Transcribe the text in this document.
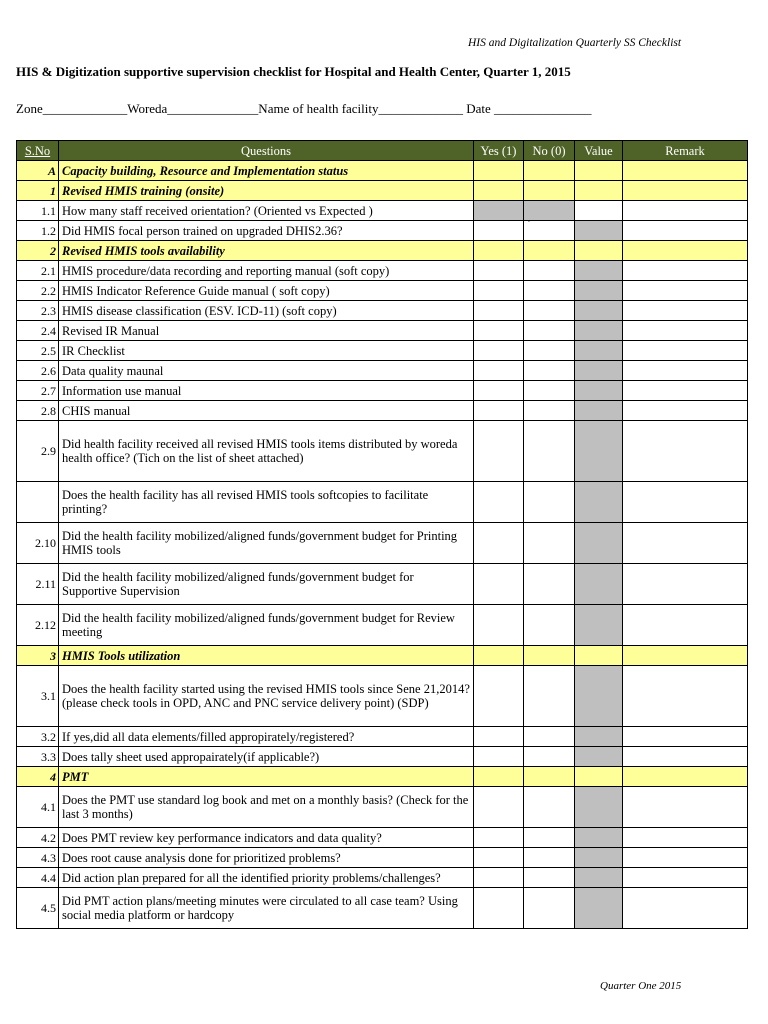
HIS and Digitalization Quarterly SS Checklist
HIS & Digitization supportive supervision checklist for Hospital and Health Center, Quarter 1, 2015
Zone_____________Woreda______________Name of health facility_____________ Date _______________
S.No	Questions	Yes (1)	No (0)	Value	Remark
A	Capacity building, Resource and Implementation status				
1	Revised HMIS training (onsite)				
1.1	How many staff received orientation? (Oriented vs Expected )				
1.2	Did HMIS focal person trained on upgraded DHIS2.36?		`		
2	Revised HMIS tools availability				
2.1	HMIS procedure/data recording and reporting manual (soft copy)				
2.2	HMIS Indicator Reference Guide manual ( soft copy)				
2.3	HMIS disease classification (ESV. ICD-11) (soft copy)				
2.4	Revised IR Manual				
2.5	IR Checklist				
2.6	Data quality maunal				
2.7	Information use manual				
2.8	CHIS manual				
2.9	Did health facility received all revised HMIS tools items distributed by woreda health office? (Tich on the list of sheet attached)				
	Does the health facility has all revised HMIS tools softcopies to facilitate printing?				
2.10	Did the health facility mobilized/aligned funds/government budget for Printing HMIS tools				
2.11	Did the health facility mobilized/aligned funds/government budget for Supportive Supervision				
2.12	Did the health facility mobilized/aligned funds/government budget for Review meeting				
3	HMIS Tools utilization				
3.1	Does the health facility started using the revised HMIS tools since Sene 21,2014? (please check tools in OPD, ANC and PNC service delivery point) (SDP)				
3.2	If yes,did all data elements/filled appropirately/registered?				
3.3	Does tally sheet used appropairately(if applicable?)				
4	PMT				
4.1	Does the PMT use standard log book and met on a monthly basis? (Check for the last 3 months)				
4.2	Does PMT review key performance indicators and data quality?				
4.3	Does root cause analysis done for prioritized problems?				
4.4	Did action plan prepared for all the identified priority problems/challenges?				
4.5	Did PMT action plans/meeting minutes were circulated to all case team? Using social media platform or hardcopy				
Quarter One 2015
